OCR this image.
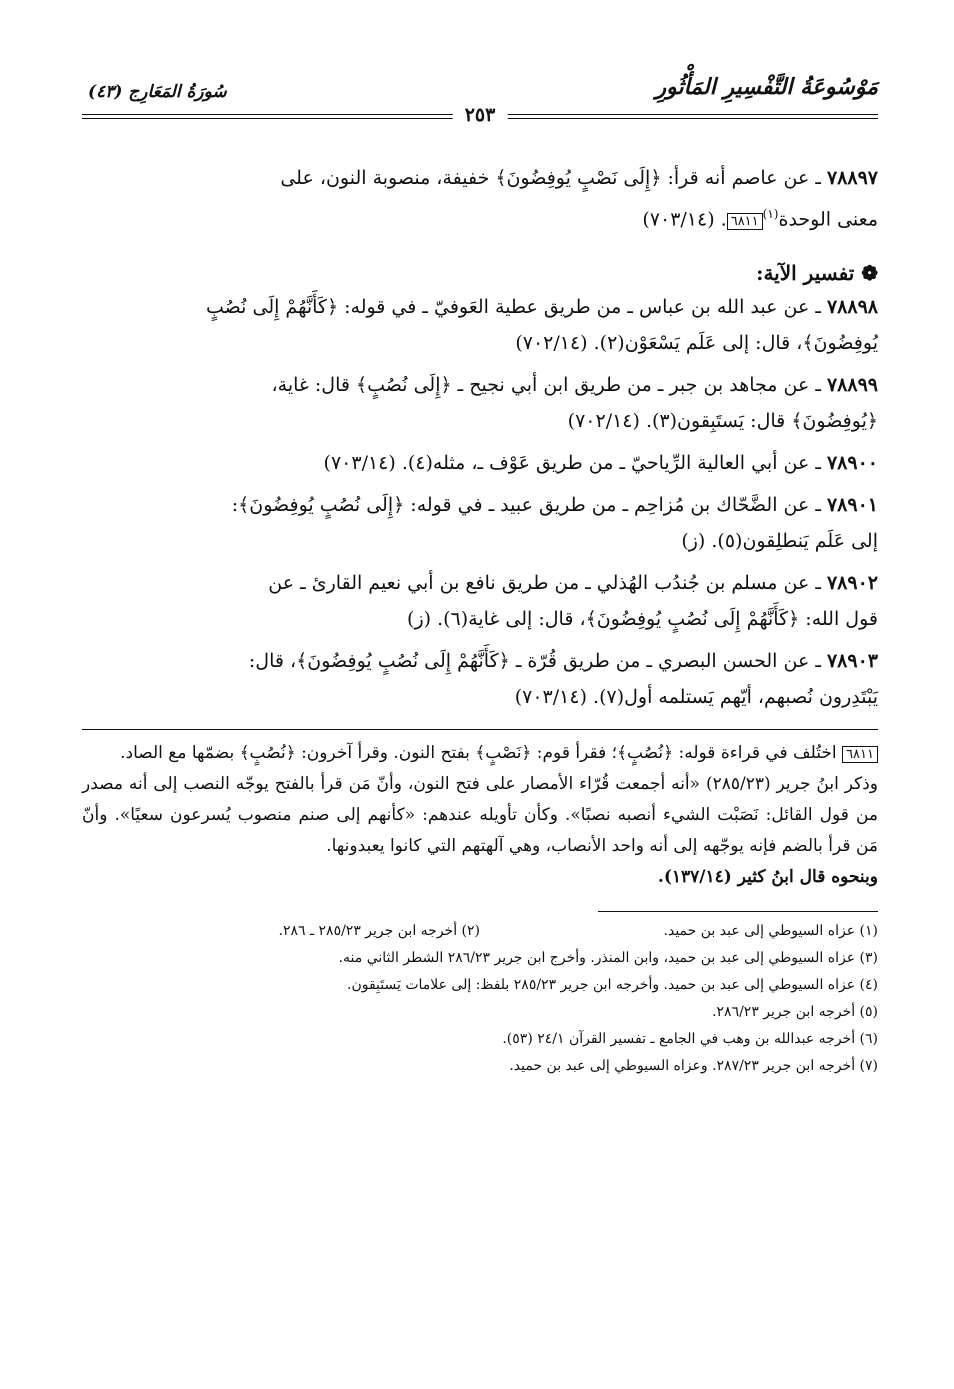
مَوْسُوعَةُ التَّفْسِيرِ المَأْثُورِ
سُورَةُ المَعَارِج (٤٣)
٢٥٣
٧٨٨٩٧ ـ عن عاصم أنه قرأ: ﴿إِلَى نَصْبٍ يُوفِضُونَ﴾ خفيفة، منصوبة النون، على
معنى الوحدة$^{(١)}$٦٨١١. (٧٠٣/١٤)
❁ تفسير الآية:
٧٨٨٩٨ ـ عن عبد الله بن عباس ـ من طريق عطية العَوفيّ ـ في قوله: ﴿كَأَنَّهُمْ إِلَى نُصُبٍ
يُوفِضُونَ﴾، قال: إلى عَلَم يَسْعَوْن(٢). (٧٠٢/١٤)
٧٨٨٩٩ ـ عن مجاهد بن جبر ـ من طريق ابن أبي نجيح ـ ﴿إِلَى نُصُبٍ﴾ قال: غاية،
﴿يُوفِضُونَ﴾ قال: يَستَبِقون(٣). (٧٠٢/١٤)
٧٨٩٠٠ ـ عن أبي العالية الرِّياحيّ ـ من طريق عَوْف ـ، مثله(٤). (٧٠٣/١٤)
٧٨٩٠١ ـ عن الضَّحّاك بن مُزاحِم ـ من طريق عبيد ـ في قوله: ﴿إِلَى نُصُبٍ يُوفِضُونَ﴾:
إلى عَلَم يَنطلِقون(٥). (ز)
٧٨٩٠٢ ـ عن مسلم بن جُندُب الهُذلي ـ من طريق نافع بن أبي نعيم القارئ ـ عن
قول الله: ﴿كَأَنَّهُمْ إِلَى نُصُبٍ يُوفِضُونَ﴾، قال: إلى غاية(٦). (ز)
٧٨٩٠٣ ـ عن الحسن البصري ـ من طريق قُرّة ـ ﴿كَأَنَّهُمْ إِلَى نُصُبٍ يُوفِضُونَ﴾، قال:
يَبْتَدِرون نُصبهم، أيّهم يَستلمه أول(٧). (٧٠٣/١٤)
٦٨١١ اختُلف في قراءة قوله: ﴿نُصُبٍ﴾؛ فقرأ قوم: ﴿نَصْبٍ﴾ بفتح النون. وقرأ آخرون: ﴿نُصُبٍ﴾ بضمّها مع الصاد.
وذكر ابنُ جرير (٢٨٥/٢٣) «أنه أجمعت قُرّاء الأمصار على فتح النون، وأنّ مَن قرأ بالفتح يوجّه النصب إلى أنه مصدر من قول القائل: نَصَبْت الشيء أنصبه نصبًا». وكأن تأويله عندهم: «كأنهم إلى صنم منصوب يُسرعون سعيًا». وأنّ مَن قرأ بالضم فإنه يوجّهه إلى أنه واحد الأنصاب، وهي آلهتهم التي كانوا يعبدونها.
وبنحوه قال ابنُ كثير (١٣٧/١٤).
(١) عزاه السيوطي إلى عبد بن حميد.
(٢) أخرجه ابن جرير ٢٨٥/٢٣ ـ ٢٨٦.
(٣) عزاه السيوطي إلى عبد بن حميد، وابن المنذر. وأخرج ابن جرير ٢٨٦/٢٣ الشطر الثاني منه.
(٤) عزاه السيوطي إلى عبد بن حميد. وأخرجه ابن جرير ٢٨٥/٢٣ بلفظ: إلى علامات يَستَبِقون.
(٥) أخرجه ابن جرير ٢٨٦/٢٣.
(٦) أخرجه عبدالله بن وهب في الجامع ـ تفسير القرآن ٢٤/١ (٥٣).
(٧) أخرجه ابن جرير ٢٨٧/٢٣. وعزاه السيوطي إلى عبد بن حميد.
